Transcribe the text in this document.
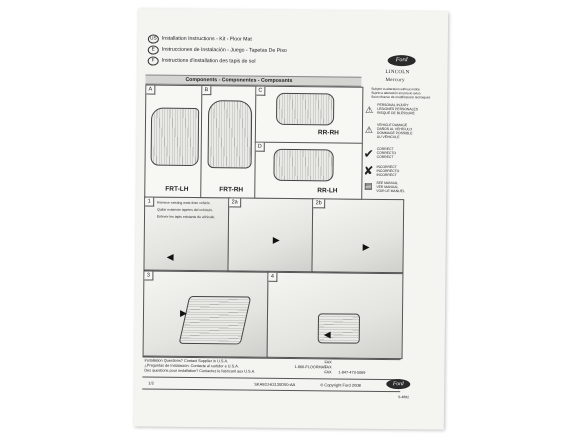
US Installation Instructions - Kit - Floor Mat
E	Instrucciones de Instalación - Juego - Tapetas De Piso
F	Instructions d'installation des tapis de sol	Ford
LINCOLN
Mercury
Subject to alteration without notice
Sujeto a alteración sin previo aviso
Sous réserve de modifications techniques
Components - Componentes - Composants
A
FRT-LH
B
FRT-RH
C
RR-RH
D
RR-LH
⚠	PERSONAL INJURY
LESIONES PERSONALES
RISQUE DE BLESSURE
⚠	VEHICLE DAMAGE
DAÑOS AL VEHÍCULO
DOMMAGE POSSIBLE
AU VÉHICULE
✔ CORRECT
CORRECTO
CORRECT
✘ INCORRECT
INCORRECTO
INCORRECT
▤	SEE MANUAL
VER MANUAL
VOIR LE MANUEL
1	Remove existing mats from vehicle.
Quitar existente tapetes del vehículo.
Enlever les tapis existants du véhicule.
◀
2a
▶
2b
▶
3
▶
4
◀
Installation Questions? Contact Supplier in U.S.A.
¿Preguntas de Instalación. Contacte al surtidor e U.S.A.
Des questions pour installation? Contactez le fabricant aux U.S.A.
1-866-FLOORMAT
FAX
FAX
FAX 1-847-473-5069
1/2	SKA93J-63130D00-AA	© Copyright Ford 2008	Ford
S-4882
